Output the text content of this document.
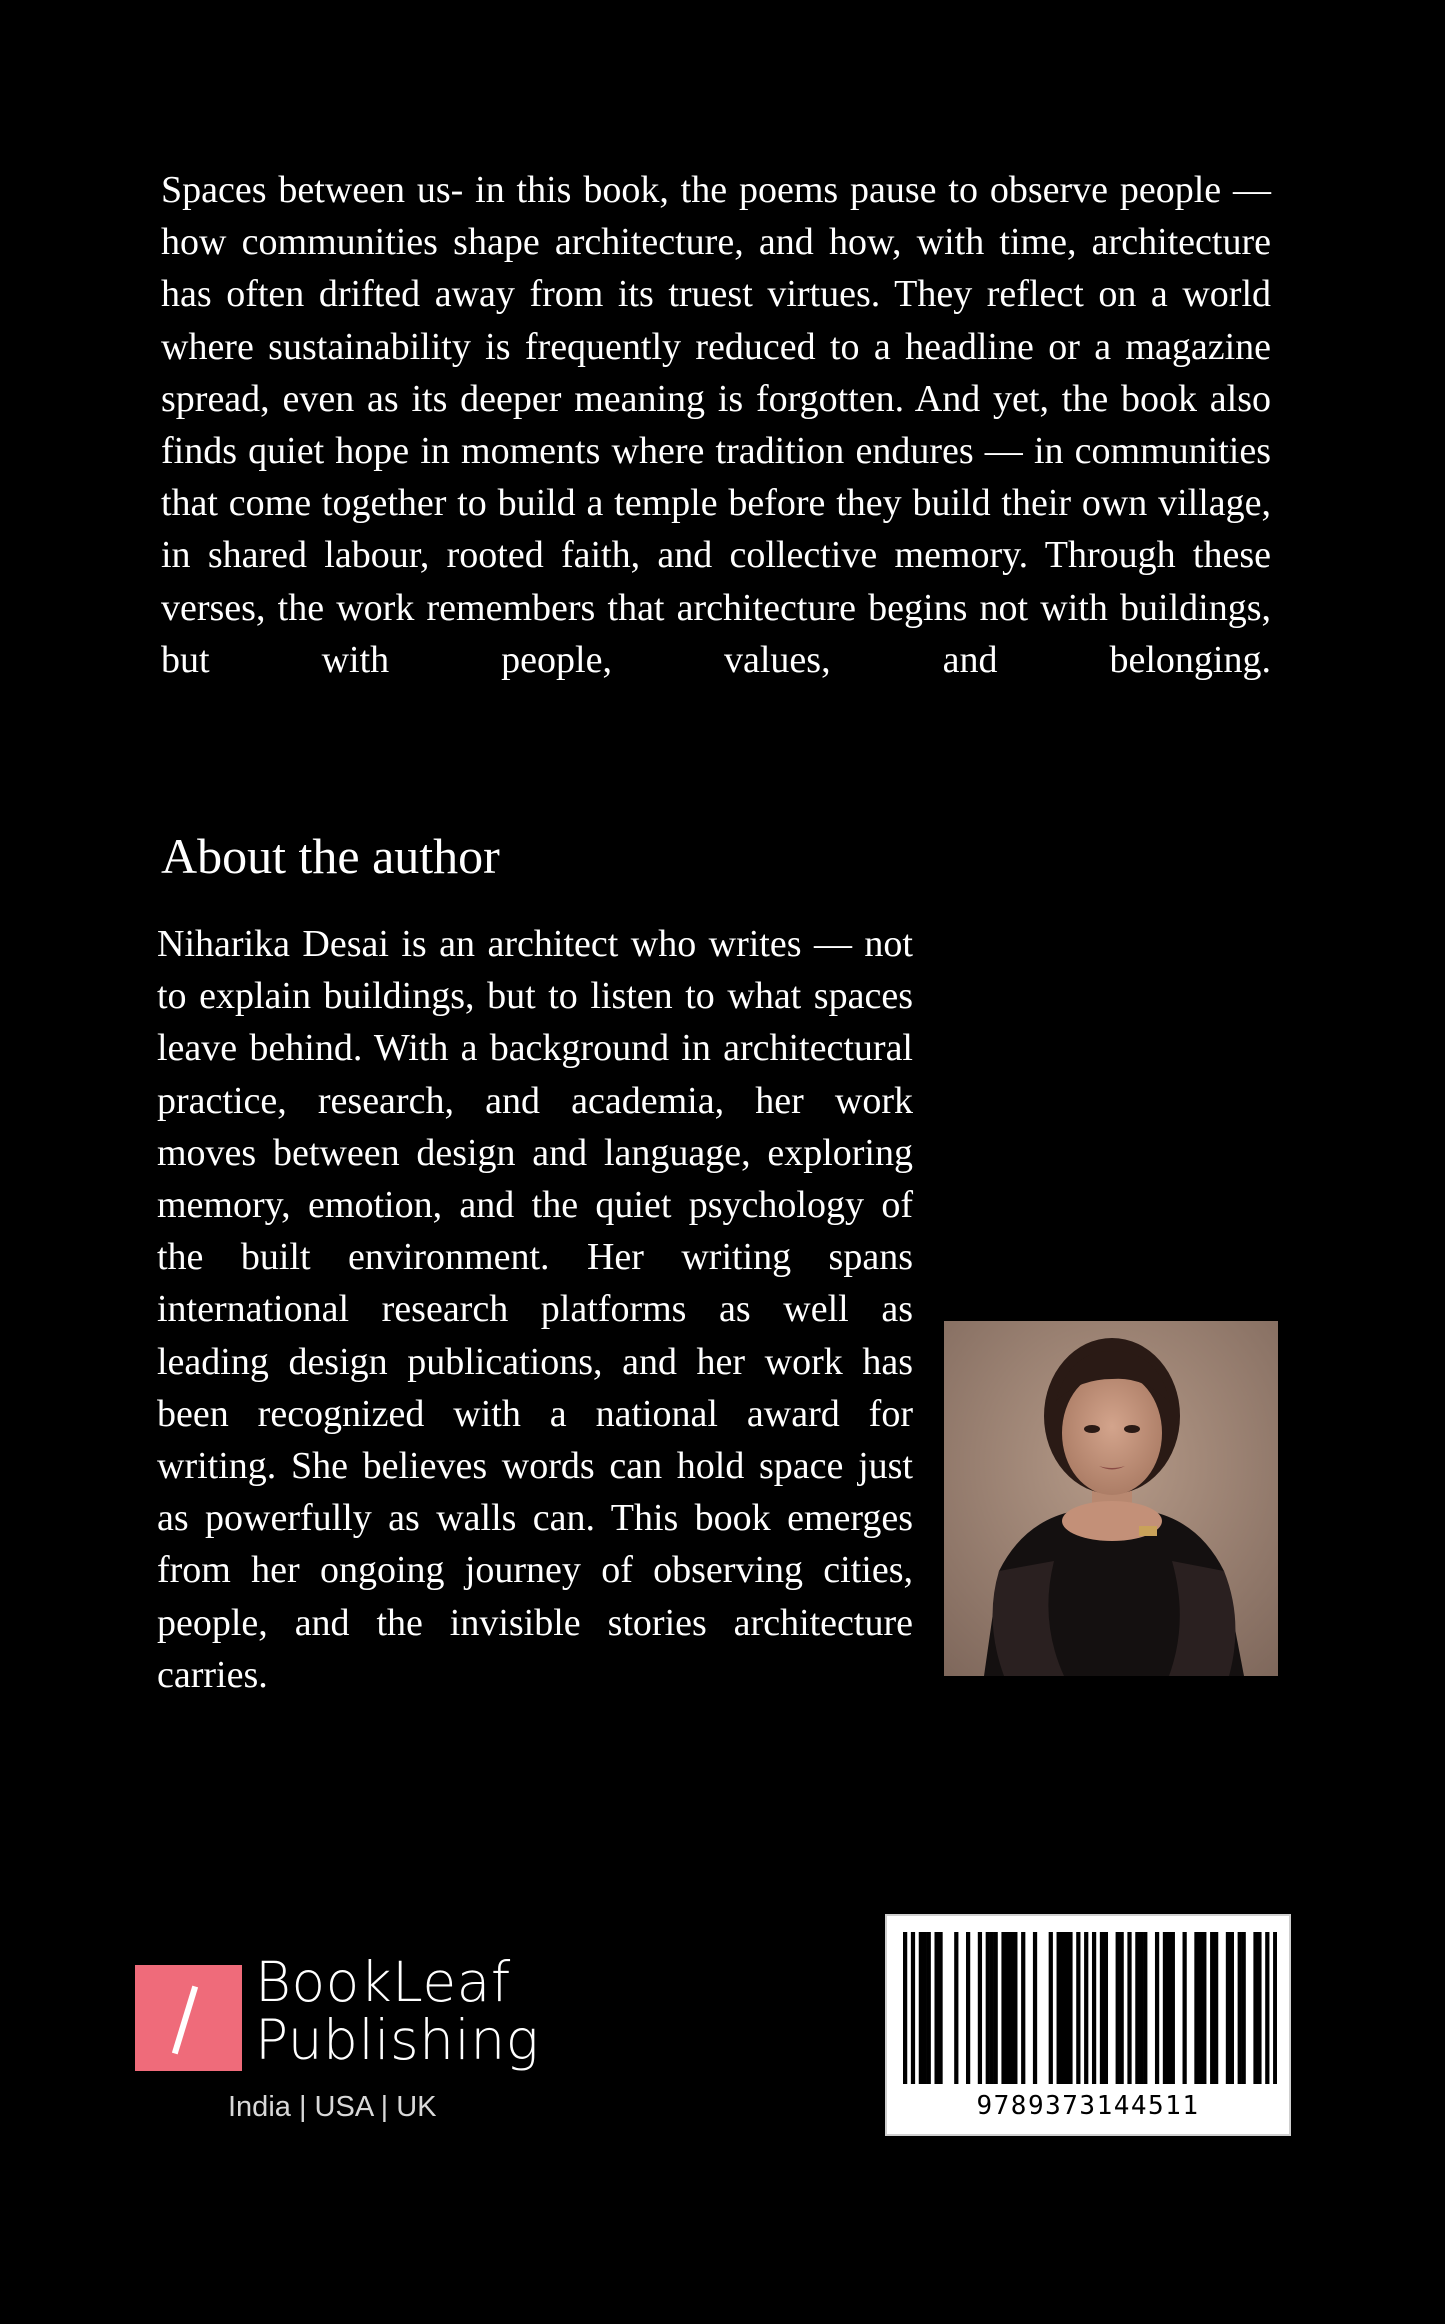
Spaces between us- in this book, the poems pause to observe people — how communities shape architecture, and how, with time, architecture has often drifted away from its truest virtues. They reflect on a world where sustainability is frequently reduced to a headline or a magazine spread, even as its deeper meaning is forgotten. And yet, the book also finds quiet hope in moments where tradition endures — in communities that come together to build a temple before they build their own village, in shared labour, rooted faith, and collective memory. Through these verses, the work remembers that architecture begins not with buildings, but with people, values, and belonging.

About the author

Niharika Desai is an architect who writes — not to explain buildings, but to listen to what spaces leave behind. With a background in architectural practice, research, and academia, her work moves between design and language, exploring memory, emotion, and the quiet psychology of the built environment. Her writing spans international research platforms as well as leading design publications, and her work has been recognized with a national award for writing. She believes words can hold space just as powerfully as walls can. This book emerges from her ongoing journey of observing cities, people, and the invisible stories architecture carries.

BookLeaf
Publishing
India | USA | UK	9789373144511
